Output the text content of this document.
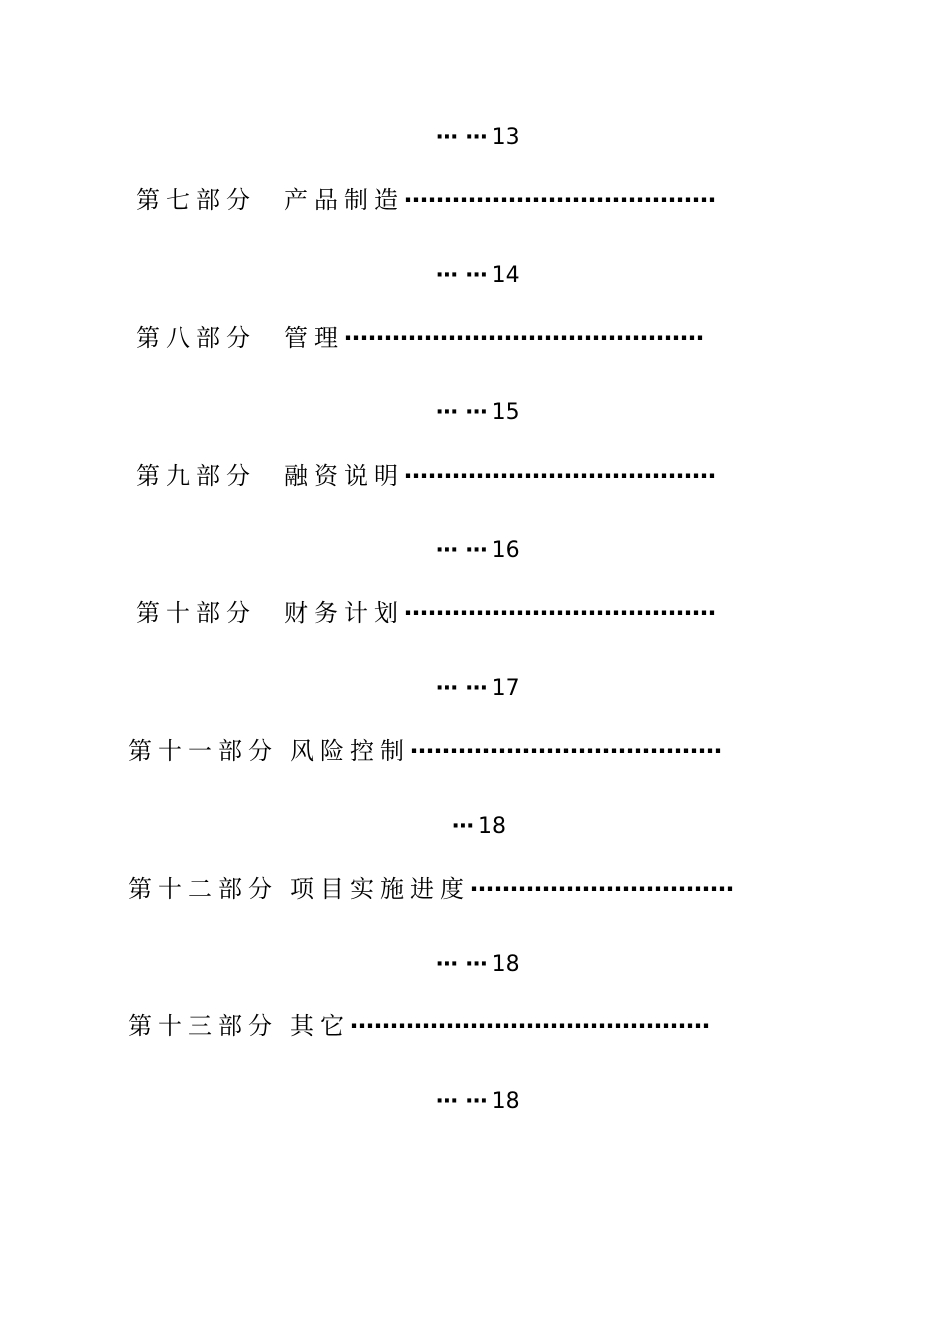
⋯ ⋯ 13
第七部分 产品制造⋯⋯⋯⋯⋯⋯⋯⋯⋯⋯⋯⋯⋯
⋯ ⋯ 14
第八部分 管理⋯⋯⋯⋯⋯⋯⋯⋯⋯⋯⋯⋯⋯⋯⋯
⋯ ⋯ 15
第九部分 融资说明⋯⋯⋯⋯⋯⋯⋯⋯⋯⋯⋯⋯⋯
⋯ ⋯ 16
第十部分 财务计划⋯⋯⋯⋯⋯⋯⋯⋯⋯⋯⋯⋯⋯
⋯ ⋯ 17
第十一部分 风险控制⋯⋯⋯⋯⋯⋯⋯⋯⋯⋯⋯⋯⋯
⋯ 18
第十二部分 项目实施进度⋯⋯⋯⋯⋯⋯⋯⋯⋯⋯⋯
⋯ ⋯ 18
第十三部分 其它⋯⋯⋯⋯⋯⋯⋯⋯⋯⋯⋯⋯⋯⋯⋯
⋯ ⋯ 18
